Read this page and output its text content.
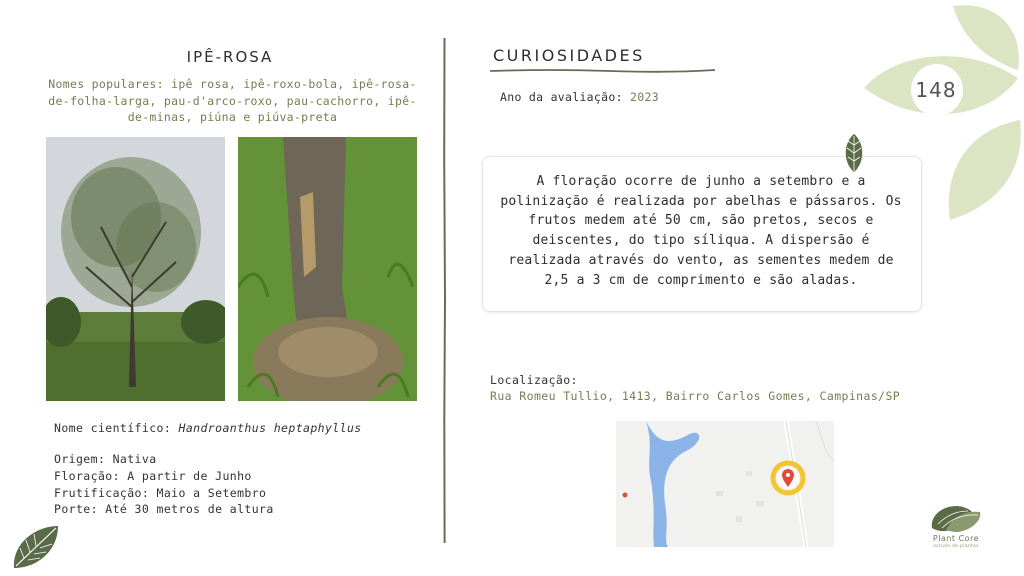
IPÊ-ROSA
Nomes populares: ipê rosa, ipê-roxo-bola, ipê-rosa-de-folha-larga, pau-d'arco-roxo, pau-cachorro, ipê-de-minas, piúna e piúva-preta
Nome científico: Handroanthus heptaphyllus
Origem: Nativa
Floração: A partir de Junho
Frutificação: Maio a Setembro
Porte: Até 30 metros de altura
CURIOSIDADES
Ano da avaliação: 2023	148
A floração ocorre de junho a setembro e a polinização é realizada por abelhas e pássaros. Os frutos medem até 50 cm, são pretos, secos e deiscentes, do tipo síliqua. A dispersão é realizada através do vento, as sementes medem de 2,5 a 3 cm de comprimento e são aladas.
Localização:
Rua Romeu Tullio, 1413, Bairro Carlos Gomes, Campinas/SP
Plant Core
estudo de plantas
